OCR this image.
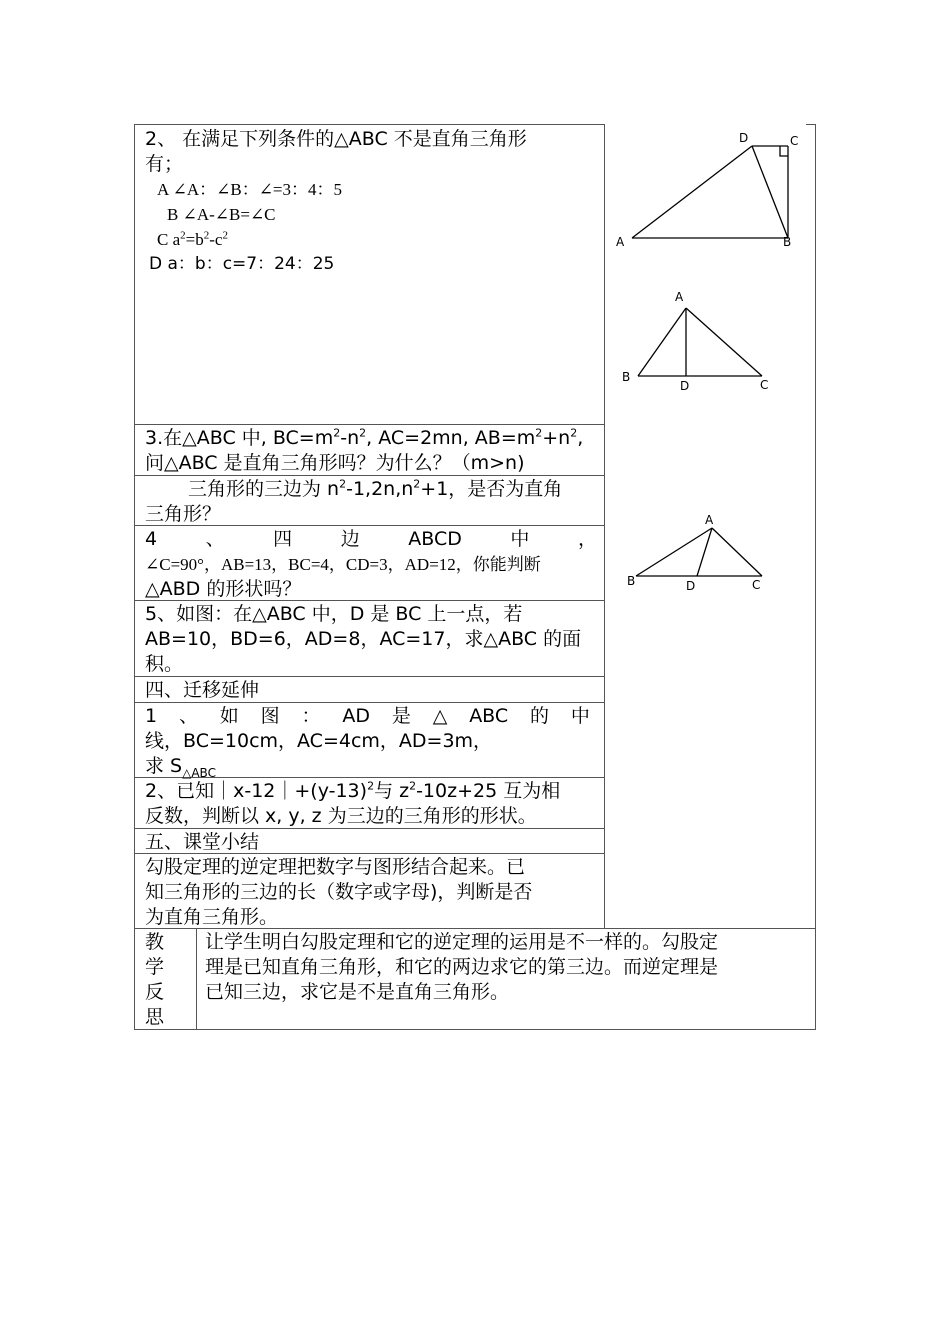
2、 在满足下列条件的△ABC 不是直角三角形
有；
A ∠A：∠B：∠=3：4：5
B ∠A-∠B=∠C
C $a^2=b^2-c^2$
D a：b：c=7：24：25
3.在△ABC 中, $BC=m^2-n^2$, AC=2mn, $AB=m^2+n^2$,
问△ABC 是直角三角形吗？为什么？（m>n)
三角形的三边为 $n^2-1,2n,n^2+1$，是否为直角
三角形？
4	、	四	边	ABCD	中	，
∠C=90°，AB=13，BC=4，CD=3，AD=12，你能判断
△ABD 的形状吗？
5、如图：在△ABC 中，D 是 BC 上一点，若
AB=10，BD=6，AD=8，AC=17，求△ABC 的面
积。
四、迁移延伸
1 、 如 图 ： AD 是 △ ABC 的 中
线，BC=10cm，AC=4cm，AD=3m，
求 $S_{\triangle ABC}$
2、已知$|x-12|+(y-13)^2$与 $z^2-10z+25$ 互为相
反数，判断以 x, y, z 为三边的三角形的形状。
五、课堂小结
勾股定理的逆定理把数字与图形结合起来。已
知三角形的三边的长（数字或字母)，判断是否
为直角三角形。
教
学
反
思
让学生明白勾股定理和它的逆定理的运用是不一样的。勾股定
理是已知直角三角形，和它的两边求它的第三边。而逆定理是
已知三边，求它是不是直角三角形。
A	B
C
D
A
B
C
D
A
B	C
D
